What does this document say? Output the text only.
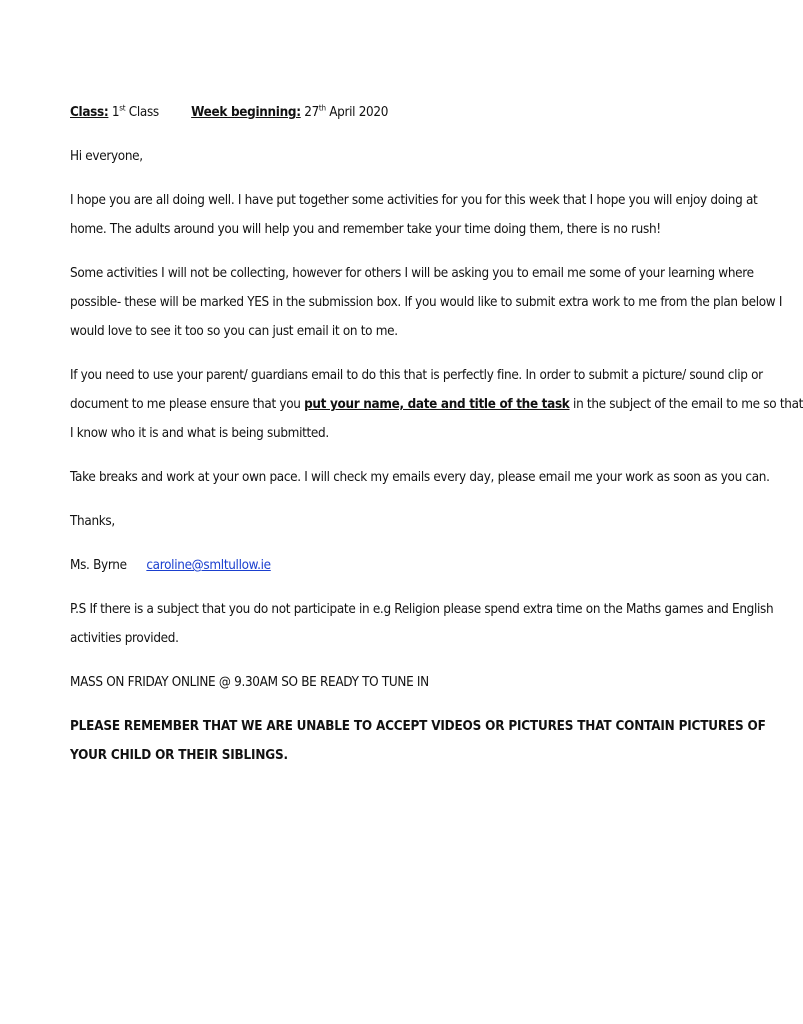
Class: 1st Class Week beginning: 27th April 2020
Hi everyone,
I hope you are all doing well. I have put together some activities for you for this week that I hope you will enjoy doing at
home. The adults around you will help you and remember take your time doing them, there is no rush!
Some activities I will not be collecting, however for others I will be asking you to email me some of your learning where
possible- these will be marked YES in the submission box. If you would like to submit extra work to me from the plan below I
would love to see it too so you can just email it on to me.
If you need to use your parent/ guardians email to do this that is perfectly fine. In order to submit a picture/ sound clip or
document to me please ensure that you put your name, date and title of the task in the subject of the email to me so that
I know who it is and what is being submitted.
Take breaks and work at your own pace. I will check my emails every day, please email me your work as soon as you can.
Thanks,
Ms. Byrne caroline@smltullow.ie
P.S If there is a subject that you do not participate in e.g Religion please spend extra time on the Maths games and English
activities provided.
MASS ON FRIDAY ONLINE @ 9.30AM SO BE READY TO TUNE IN
PLEASE REMEMBER THAT WE ARE UNABLE TO ACCEPT VIDEOS OR PICTURES THAT CONTAIN PICTURES OF
YOUR CHILD OR THEIR SIBLINGS.
